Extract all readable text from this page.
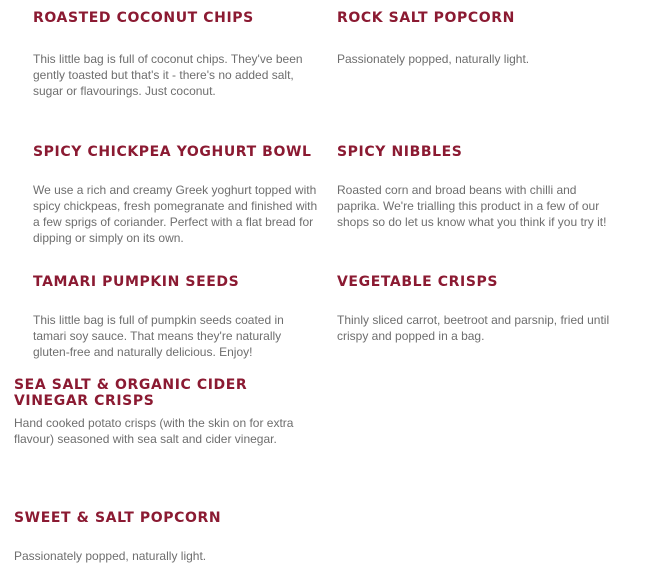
ROASTED COCONUT CHIPS

This little bag is full of coconut chips. They've been gently toasted but that's it - there's no added salt, sugar or flavourings. Just coconut.

ROCK SALT POPCORN

Passionately popped, naturally light.

SPICY CHICKPEA YOGHURT BOWL

We use a rich and creamy Greek yoghurt topped with spicy chickpeas, fresh pomegranate and finished with a few sprigs of coriander. Perfect with a flat bread for dipping or simply on its own.

SPICY NIBBLES

Roasted corn and broad beans with chilli and paprika. We're trialling this product in a few of our shops so do let us know what you think if you try it!

TAMARI PUMPKIN SEEDS

This little bag is full of pumpkin seeds coated in tamari soy sauce. That means they're naturally gluten-free and naturally delicious. Enjoy!

VEGETABLE CRISPS

Thinly sliced carrot, beetroot and parsnip, fried until crispy and popped in a bag.

SEA SALT & ORGANIC CIDER VINEGAR CRISPS

Hand cooked potato crisps (with the skin on for extra flavour) seasoned with sea salt and cider vinegar.

SWEET & SALT POPCORN

Passionately popped, naturally light.
